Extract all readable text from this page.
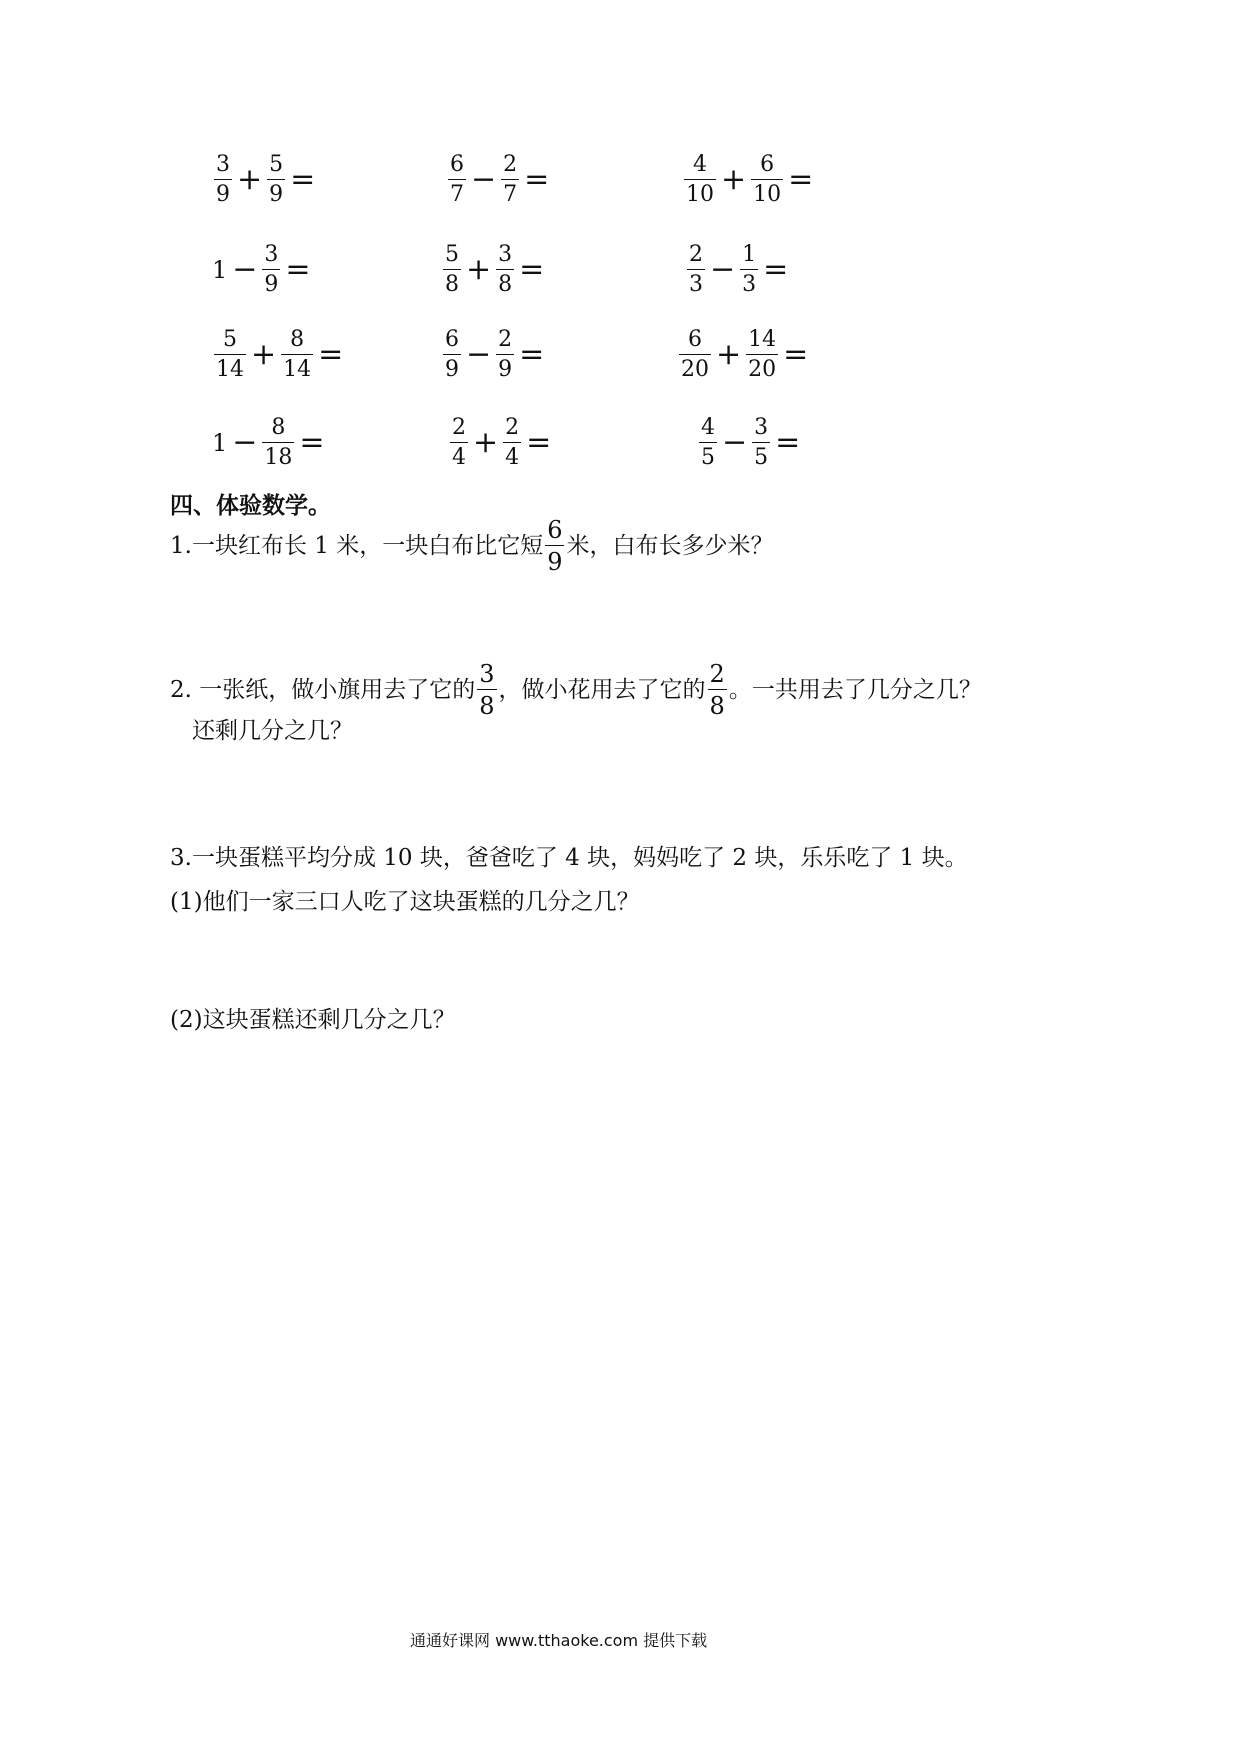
$\frac{3}{9} + \frac{5}{9}$ =	$\frac{6}{7} - \frac{2}{7}$ =	$\frac{4}{10} + \frac{6}{10}$ =
$1 - \frac{3}{9}$ =	$\frac{5}{8} + \frac{3}{8}$ =	$\frac{2}{3} - \frac{1}{3}$ =
$\frac{5}{14} + \frac{8}{14}$ =	$\frac{6}{9} - \frac{2}{9}$ =	$\frac{6}{20} + \frac{14}{20}$ =
$1 - \frac{8}{18}$ =	$\frac{2}{4} + \frac{2}{4}$ =	$\frac{4}{5} - \frac{3}{5}$ =
四、体验数学。
1.一块红布长 1 米，一块白布比它短 $\frac{6}{9}$ 米，白布长多少米？
2. 一张纸，做小旗用去了它的 $\frac{3}{8}$ ，做小花用去了它的 $\frac{2}{8}$ 。一共用去了几分之几？
还剩几分之几？
3.一块蛋糕平均分成 10 块，爸爸吃了 4 块，妈妈吃了 2 块，乐乐吃了 1 块。
(1)他们一家三口人吃了这块蛋糕的几分之几？
(2)这块蛋糕还剩几分之几？
通通好课网 www.tthaoke.com 提供下载
